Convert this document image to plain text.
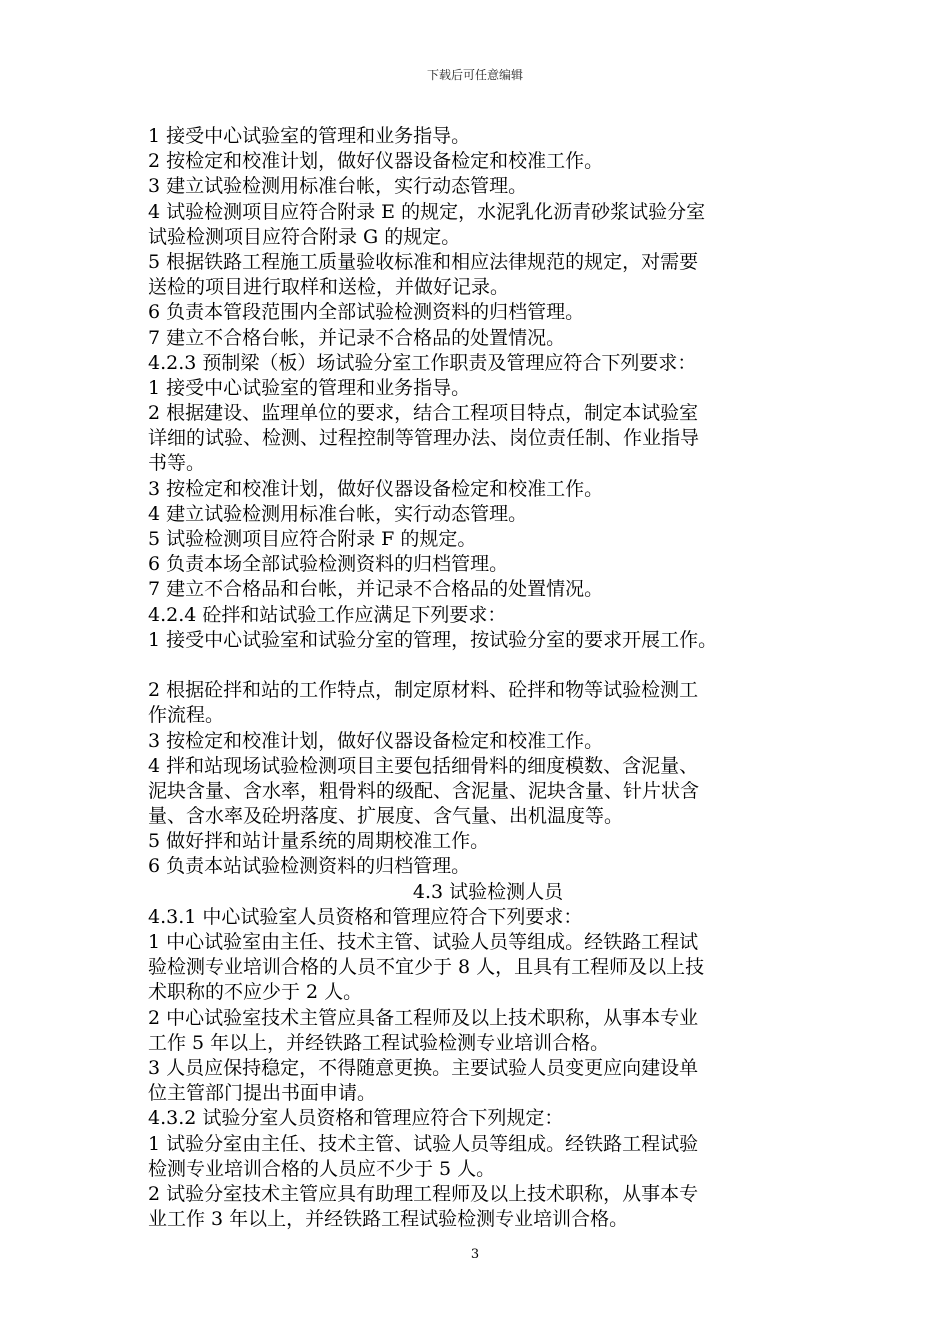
下载后可任意编辑
1 接受中心试验室的管理和业务指导。
2 按检定和校准计划，做好仪器设备检定和校准工作。
3 建立试验检测用标准台帐，实行动态管理。
4 试验检测项目应符合附录 E 的规定，水泥乳化沥青砂浆试验分室
试验检测项目应符合附录 G 的规定。
5 根据铁路工程施工质量验收标准和相应法律规范的规定，对需要
送检的项目进行取样和送检，并做好记录。
6 负责本管段范围内全部试验检测资料的归档管理。
7 建立不合格台帐，并记录不合格品的处置情况。
4.2.3 预制梁（板）场试验分室工作职责及管理应符合下列要求：
1 接受中心试验室的管理和业务指导。
2 根据建设、监理单位的要求，结合工程项目特点，制定本试验室
详细的试验、检测、过程控制等管理办法、岗位责任制、作业指导
书等。
3 按检定和校准计划，做好仪器设备检定和校准工作。
4 建立试验检测用标准台帐，实行动态管理。
5 试验检测项目应符合附录 F 的规定。
6 负责本场全部试验检测资料的归档管理。
7 建立不合格品和台帐，并记录不合格品的处置情况。
4.2.4 砼拌和站试验工作应满足下列要求：
1 接受中心试验室和试验分室的管理，按试验分室的要求开展工作。
2 根据砼拌和站的工作特点，制定原材料、砼拌和物等试验检测工
作流程。
3 按检定和校准计划，做好仪器设备检定和校准工作。
4 拌和站现场试验检测项目主要包括细骨料的细度模数、含泥量、
泥块含量、含水率，粗骨料的级配、含泥量、泥块含量、针片状含
量、含水率及砼坍落度、扩展度、含气量、出机温度等。
5 做好拌和站计量系统的周期校准工作。
6 负责本站试验检测资料的归档管理。
4.3 试验检测人员
4.3.1 中心试验室人员资格和管理应符合下列要求：
1 中心试验室由主任、技术主管、试验人员等组成。经铁路工程试
验检测专业培训合格的人员不宜少于 8 人，且具有工程师及以上技
术职称的不应少于 2 人。
2 中心试验室技术主管应具备工程师及以上技术职称，从事本专业
工作 5 年以上，并经铁路工程试验检测专业培训合格。
3 人员应保持稳定，不得随意更换。主要试验人员变更应向建设单
位主管部门提出书面申请。
4.3.2 试验分室人员资格和管理应符合下列规定：
1 试验分室由主任、技术主管、试验人员等组成。经铁路工程试验
检测专业培训合格的人员应不少于 5 人。
2 试验分室技术主管应具有助理工程师及以上技术职称，从事本专
业工作 3 年以上，并经铁路工程试验检测专业培训合格。
3
